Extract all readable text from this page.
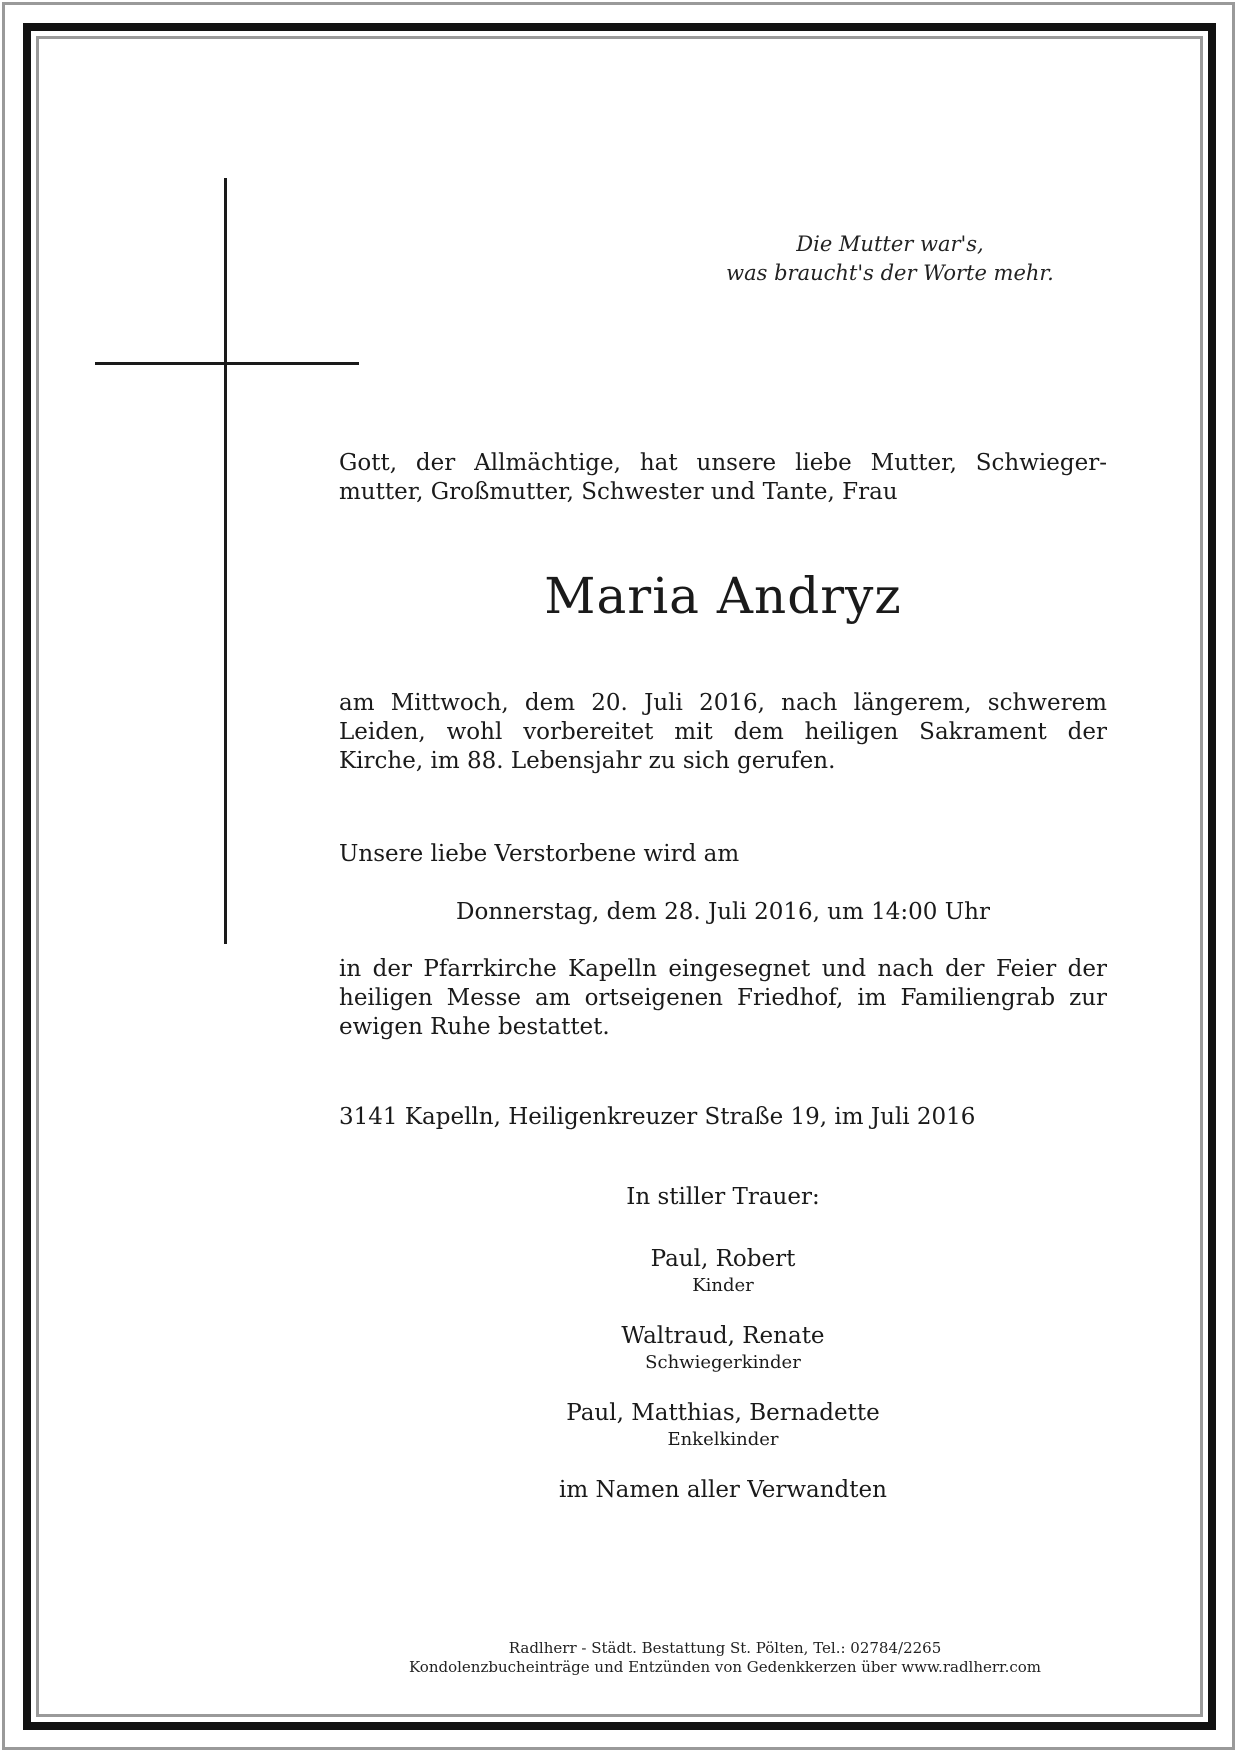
Die Mutter war's,
was braucht's der Worte mehr.
Gott, der Allmächtige, hat unsere liebe Mutter, Schwieger-
mutter, Großmutter, Schwester und Tante, Frau
Maria Andryz
am Mittwoch, dem 20. Juli 2016, nach längerem, schwerem
Leiden, wohl vorbereitet mit dem heiligen Sakrament der
Kirche, im 88. Lebensjahr zu sich gerufen.
Unsere liebe Verstorbene wird am
Donnerstag, dem 28. Juli 2016, um 14:00 Uhr
in der Pfarrkirche Kapelln eingesegnet und nach der Feier der
heiligen Messe am ortseigenen Friedhof, im Familiengrab zur
ewigen Ruhe bestattet.
3141 Kapelln, Heiligenkreuzer Straße 19, im Juli 2016
In stiller Trauer:
Paul, Robert
Kinder
Waltraud, Renate
Schwiegerkinder
Paul, Matthias, Bernadette
Enkelkinder
im Namen aller Verwandten
Radlherr - Städt. Bestattung St. Pölten, Tel.: 02784/2265
Kondolenzbucheinträge und Entzünden von Gedenkkerzen über www.radlherr.com
